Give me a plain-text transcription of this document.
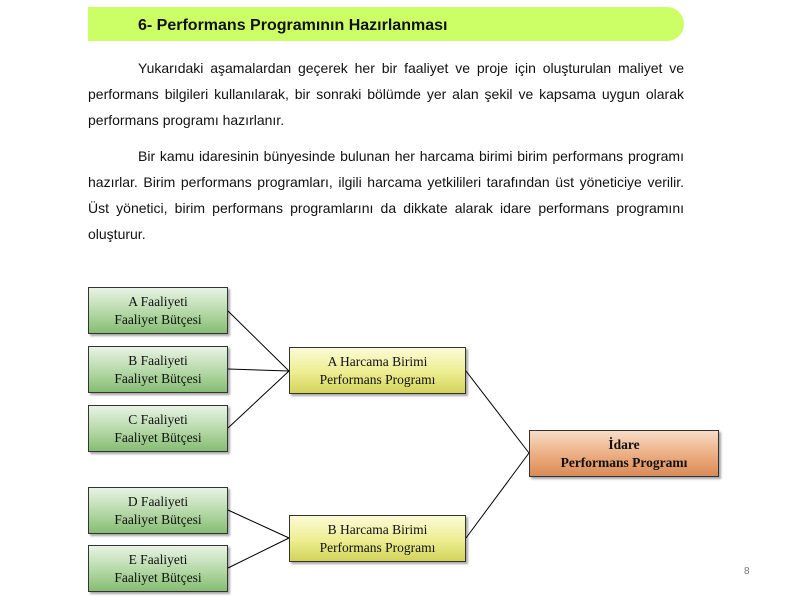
6- Performans Programının Hazırlanması

Yukarıdaki aşamalardan geçerek her bir faaliyet ve proje için oluşturulan maliyet ve performans bilgileri kullanılarak, bir sonraki bölümde yer alan şekil ve kapsama uygun olarak performans programı hazırlanır.

Bir kamu idaresinin bünyesinde bulunan her harcama birimi birim performans programı hazırlar. Birim performans programları, ilgili harcama yetkilileri tarafından üst yöneticiye verilir. Üst yönetici, birim performans programlarını da dikkate alarak idare performans programını oluşturur.

A Faaliyeti
Faaliyet Bütçesi
B Faaliyeti
Faaliyet Bütçesi
C Faaliyeti
Faaliyet Bütçesi
D Faaliyeti
Faaliyet Bütçesi
E Faaliyeti
Faaliyet Bütçesi
A Harcama Birimi
Performans Programı
B Harcama Birimi
Performans Programı
İdare
Performans Programı
8
